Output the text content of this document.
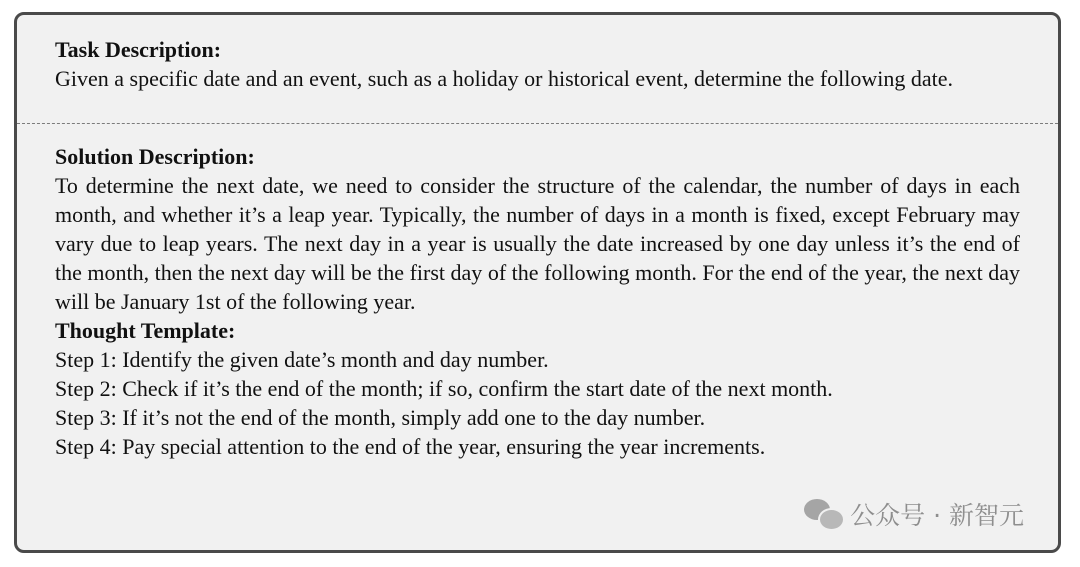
Task Description:

Given a specific date and an event, such as a holiday or historical event, determine the following date.

Solution Description:

To determine the next date, we need to consider the structure of the calendar, the number of days in each month, and whether it’s a leap year. Typically, the number of days in a month is fixed, except February may vary due to leap years. The next day in a year is usually the date increased by one day unless it’s the end of the month, then the next day will be the first day of the following month. For the end of the year, the next day will be January 1st of the following year.

Thought Template:

Step 1: Identify the given date’s month and day number.
Step 2: Check if it’s the end of the month; if so, confirm the start date of the next month.
Step 3: If it’s not the end of the month, simply add one to the day number.
Step 4: Pay special attention to the end of the year, ensuring the year increments.
公众号 · 新智元
